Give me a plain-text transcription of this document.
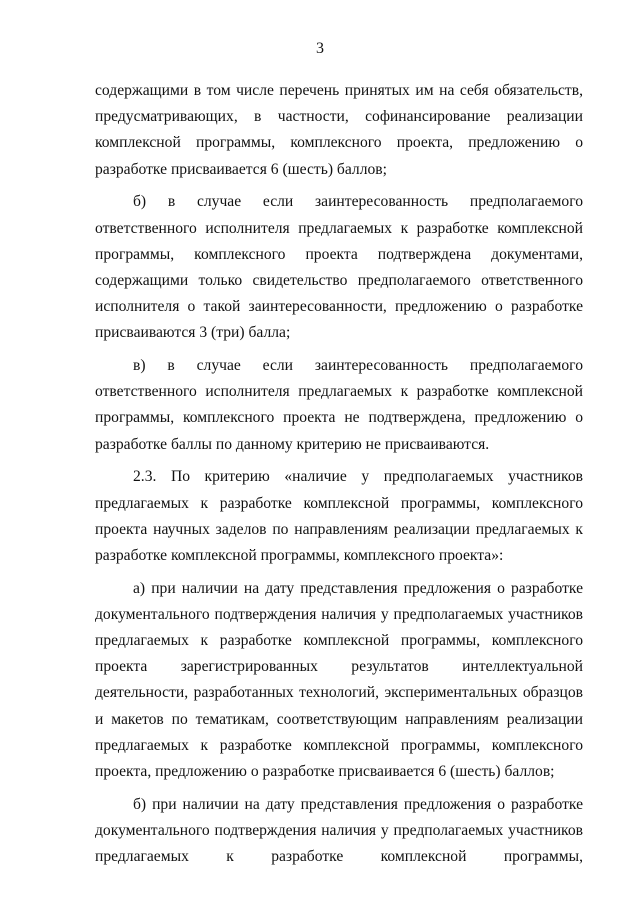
3

содержащими в том числе перечень принятых им на себя обязательств, предусматривающих, в частности, софинансирование реализации комплексной программы, комплексного проекта, предложению о разработке присваивается 6 (шесть) баллов;

б) в случае если заинтересованность предполагаемого ответственного исполнителя предлагаемых к разработке комплексной программы, комплексного проекта подтверждена документами, содержащими только свидетельство предполагаемого ответственного исполнителя о такой заинтересованности, предложению о разработке присваиваются 3 (три) балла;

в) в случае если заинтересованность предполагаемого ответственного исполнителя предлагаемых к разработке комплексной программы, комплексного проекта не подтверждена, предложению о разработке баллы по данному критерию не присваиваются.

2.3. По критерию «наличие у предполагаемых участников предлагаемых к разработке комплексной программы, комплексного проекта научных заделов по направлениям реализации предлагаемых к разработке комплексной программы, комплексного проекта»:

а) при наличии на дату представления предложения о разработке документального подтверждения наличия у предполагаемых участников предлагаемых к разработке комплексной программы, комплексного проекта зарегистрированных результатов интеллектуальной деятельности, разработанных технологий, экспериментальных образцов и макетов по тематикам, соответствующим направлениям реализации предлагаемых к разработке комплексной программы, комплексного проекта, предложению о разработке присваивается 6 (шесть) баллов;

б) при наличии на дату представления предложения о разработке документального подтверждения наличия у предполагаемых участников предлагаемых к разработке комплексной программы,
